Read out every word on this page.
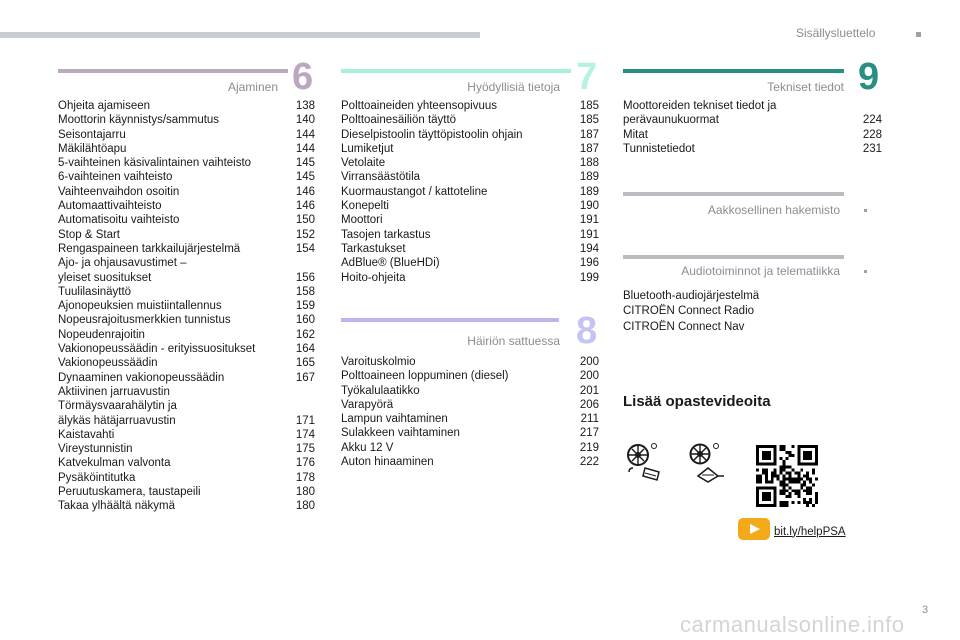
Sisällysluettelo
Ajaminen 6
Ohjeita ajamiseen	138
Moottorin käynnistys/sammutus	140
Seisontajarru	144
Mäkilähtöapu	144
5-vaihteinen käsivalintainen vaihteisto	145
6-vaihteinen vaihteisto	145
Vaihteenvaihdon osoitin	146
Automaattivaihteisto	146
Automatisoitu vaihteisto	150
Stop & Start	152
Rengaspaineen tarkkailujärjestelmä	154
Ajo- ja ohjausavustimet –
yleiset suositukset	156
Tuulilasinäyttö	158
Ajonopeuksien muistiintallennus	159
Nopeusrajoitusmerkkien tunnistus	160
Nopeudenrajoitin	162
Vakionopeussäädin - erityissuositukset	164
Vakionopeussäädin	165
Dynaaminen vakionopeussäädin	167
Aktiivinen jarruavustin
Törmäysvaarahälytin ja
älykäs hätäjarruavustin	171
Kaistavahti	174
Vireystunnistin	175
Katvekulman valvonta	176
Pysäköintitutka	178
Peruutuskamera, taustapeili	180
Takaa ylhäältä näkymä	180
Hyödyllisiä tietoja 7
Polttoaineiden yhteensopivuus	185
Polttoainesäiliön täyttö	185
Dieselpistoolin täyttöpistoolin ohjain	187
Lumiketjut	187
Vetolaite	188
Virransäästötila	189
Kuormaustangot / kattoteline	189
Konepelti	190
Moottori	191
Tasojen tarkastus	191
Tarkastukset	194
AdBlue® (BlueHDi)	196
Hoito-ohjeita	199
Häiriön sattuessa 8
Varoituskolmio	200
Polttoaineen loppuminen (diesel)	200
Työkalulaatikko	201
Varapyörä	206
Lampun vaihtaminen	211
Sulakkeen vaihtaminen	217
Akku 12 V	219
Auton hinaaminen	222
Tekniset tiedot 9
Moottoreiden tekniset tiedot ja
perävaunukuormat	224
Mitat	228
Tunnistetiedot	231
Aakkosellinen hakemisto
Audiotoiminnot ja telematiikka
Bluetooth-audiojärjestelmä
CITROËN Connect Radio
CITROËN Connect Nav
Lisää opastevideoita
bit.ly/helpPSA
carmanualsonline.info
3
